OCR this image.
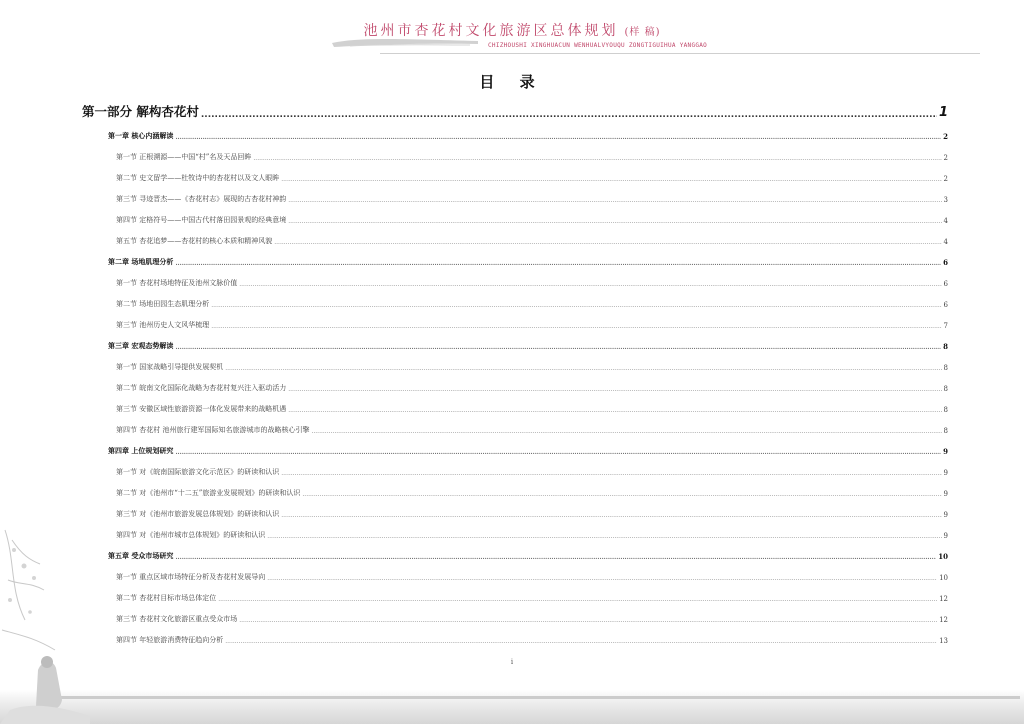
池州市杏花村文化旅游区总体规划 (样 稿)
CHIZHOUSHI XINGHUACUN WENHUALVYOUQU ZONGTIGUIHUA YANGGAO
目 录
第一部分 解构杏花村 .....	1
第一章 核心内涵解读 .....	2
第一节 正根溯源——中国“村”名及天品回眸 .....	2
第二节 史文留学——杜牧诗中的杏花村以及文人眼眸 .....	2
第三节 寻迹晋杰——《杏花村志》展现的古杏花村神韵 .....	3
第四节 定格符号——中国古代村落田园景观的经典意境 .....	4
第五节 杏花追梦——杏花村的核心本质和精神风貌 .....	4
第二章 场地肌理分析 .....	6
第一节 杏花村场地特征及池州文脉价值 .....	6
第二节 场地田园生态肌理分析 .....	6
第三节 池州历史人文风华梳理 .....	7
第三章 宏观态势解读 .....	8
第一节 国家战略引导提供发展契机 .....	8
第二节 皖南文化国际化战略为杏花村复兴注入驱动活力 .....	8
第三节 安徽区域性旅游资源一体化发展带来的战略机遇 .....	8
第四节 杏花村 池州旅行建军国际知名旅游城市的战略核心引擎 .....	8
第四章 上位规划研究 .....	9
第一节 对《皖南国际旅游文化示范区》的研读和认识 .....	9
第二节 对《池州市“十二五”旅游业发展规划》的研读和认识 .....	9
第三节 对《池州市旅游发展总体规划》的研读和认识 .....	9
第四节 对《池州市城市总体规划》的研读和认识 .....	9
第五章 受众市场研究 .....	10
第一节 重点区域市场特征分析及杏花村发展导向 .....	10
第二节 杏花村目标市场总体定位 .....	12
第三节 杏花村文化旅游区重点受众市场 .....	12
第四节 年轻旅游消费特征趋向分析 .....	13
i
